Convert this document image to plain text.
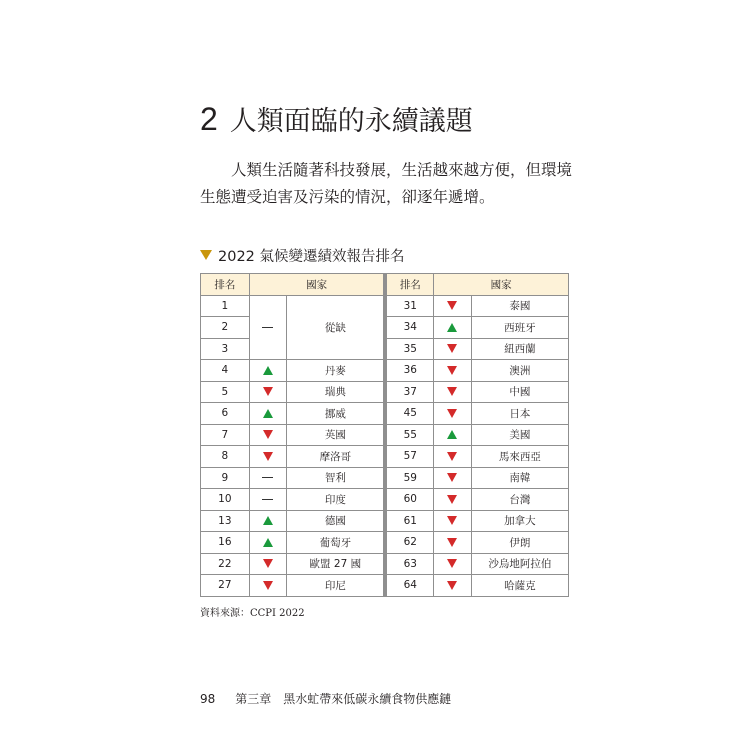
2 人類面臨的永續議題

人類生活隨著科技發展，生活越來越方便，但環境生態遭受迫害及污染的情況，卻逐年遞增。

2022 氣候變遷績效報告排名
排名	國家		排名	國家	
1		從缺	31		泰國
2			34		西班牙
3			35		紐西蘭
4		丹麥	36		澳洲
5		瑞典	37		中國
6		挪威	45		日本
7		英國	55		美國
8		摩洛哥	57		馬來西亞
9		智利	59		南韓
10		印度	60		台灣
13		德國	61		加拿大
16		葡萄牙	62		伊朗
22		歐盟 27 國	63		沙烏地阿拉伯
27		印尼	64		哈薩克
資料來源：CCPI 2022
98 第三章　黑水虻帶來低碳永續食物供應鏈
